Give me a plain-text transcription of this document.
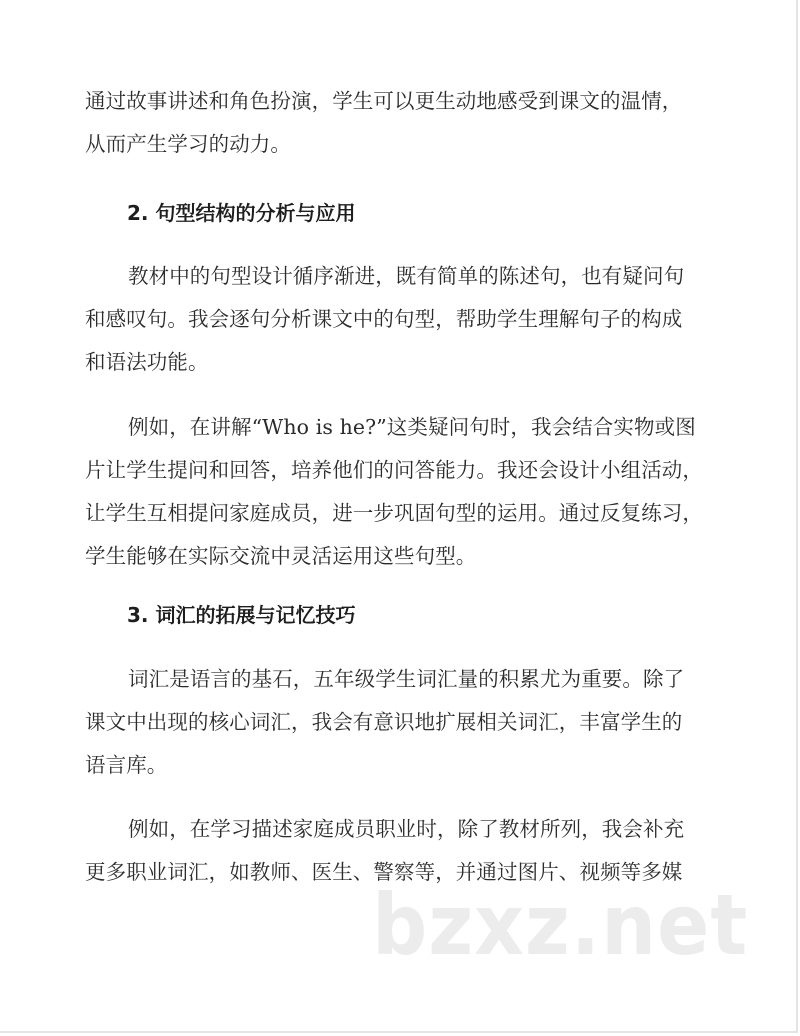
通过故事讲述和角色扮演，学生可以更生动地感受到课文的温情，
从而产生学习的动力。
2. 句型结构的分析与应用
教材中的句型设计循序渐进，既有简单的陈述句，也有疑问句
和感叹句。我会逐句分析课文中的句型，帮助学生理解句子的构成
和语法功能。
例如，在讲解“Who is he?”这类疑问句时，我会结合实物或图
片让学生提问和回答，培养他们的问答能力。我还会设计小组活动，
让学生互相提问家庭成员，进一步巩固句型的运用。通过反复练习，
学生能够在实际交流中灵活运用这些句型。
3. 词汇的拓展与记忆技巧
词汇是语言的基石，五年级学生词汇量的积累尤为重要。除了
课文中出现的核心词汇，我会有意识地扩展相关词汇，丰富学生的
语言库。
例如，在学习描述家庭成员职业时，除了教材所列，我会补充
更多职业词汇，如教师、医生、警察等，并通过图片、视频等多媒
bzxz.net
